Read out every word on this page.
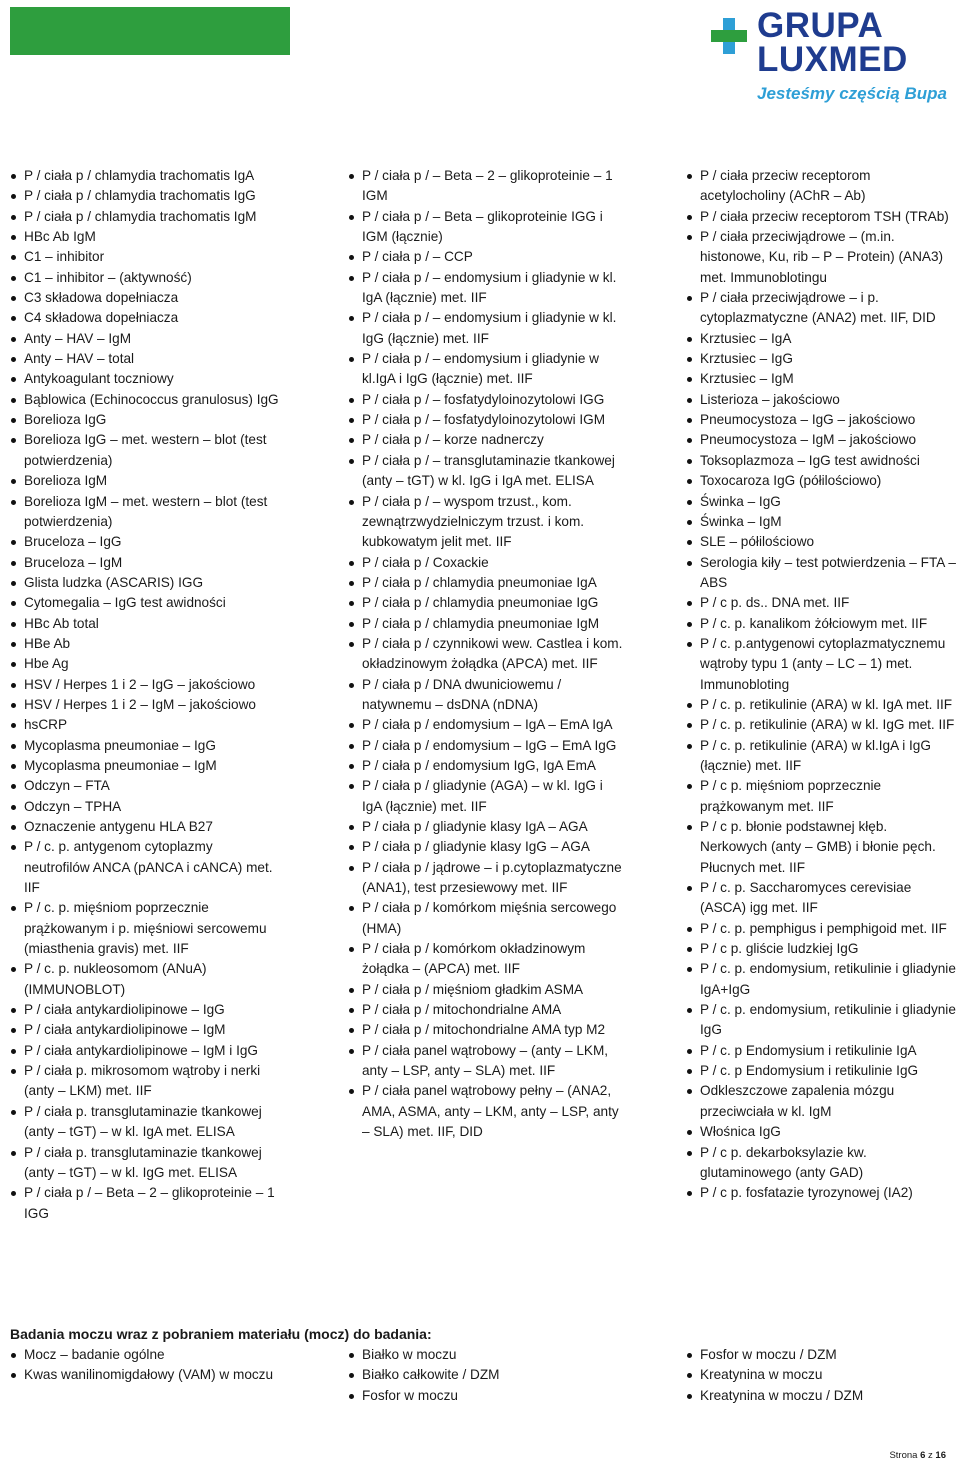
GRUPA
LUXMED
Jesteśmy częścią Bupa
P / ciała p / chlamydia trachomatis IgA
P / ciała p / chlamydia trachomatis IgG
P / ciała p / chlamydia trachomatis IgM
HBc Ab IgM
C1 – inhibitor
C1 – inhibitor – (aktywność)
C3 składowa dopełniacza
C4 składowa dopełniacza
Anty – HAV – IgM
Anty – HAV – total
Antykoagulant toczniowy
Bąblowica (Echinococcus granulosus) IgG
Borelioza IgG
Borelioza IgG – met. western – blot (test potwierdzenia)
Borelioza IgM
Borelioza IgM – met. western – blot (test potwierdzenia)
Bruceloza – IgG
Bruceloza – IgM
Glista ludzka (ASCARIS) IGG
Cytomegalia – IgG test awidności
HBc Ab total
HBe Ab
Hbe Ag
HSV / Herpes 1 i 2 – IgG – jakościowo
HSV / Herpes 1 i 2 – IgM – jakościowo
hsCRP
Mycoplasma pneumoniae – IgG
Mycoplasma pneumoniae – IgM
Odczyn – FTA
Odczyn – TPHA
Oznaczenie antygenu HLA B27
P / c. p. antygenom cytoplazmy neutrofilów ANCA (pANCA i cANCA) met. IIF
P / c. p. mięśniom poprzecznie prążkowanym i p. mięśniowi sercowemu (miasthenia gravis) met. IIF
P / c. p. nukleosomom (ANuA) (IMMUNOBLOT)
P / ciała antykardiolipinowe – IgG
P / ciała antykardiolipinowe – IgM
P / ciała antykardiolipinowe – IgM i IgG
P / ciała p. mikrosomom wątroby i nerki (anty – LKM) met. IIF
P / ciała p. transglutaminazie tkankowej (anty – tGT) – w kl. IgA met. ELISA
P / ciała p. transglutaminazie tkankowej (anty – tGT) – w kl. IgG met. ELISA
P / ciała p / – Beta – 2 – glikoproteinie – 1 IGG
P / ciała p / – Beta – 2 – glikoproteinie – 1 IGM
P / ciała p / – Beta – glikoproteinie IGG i IGM (łącznie)
P / ciała p / – CCP
P / ciała p / – endomysium i gliadynie w kl. IgA (łącznie) met. IIF
P / ciała p / – endomysium i gliadynie w kl. IgG (łącznie) met. IIF
P / ciała p / – endomysium i gliadynie w kl.IgA i IgG (łącznie) met. IIF
P / ciała p / – fosfatydyloinozytolowi IGG
P / ciała p / – fosfatydyloinozytolowi IGM
P / ciała p / – korze nadnerczy
P / ciała p / – transglutaminazie tkankowej (anty – tGT) w kl. IgG i IgA met. ELISA
P / ciała p / – wyspom trzust., kom. zewnątrzwydzielniczym trzust. i kom. kubkowatym jelit met. IIF
P / ciała p / Coxackie
P / ciała p / chlamydia pneumoniae IgA
P / ciała p / chlamydia pneumoniae IgG
P / ciała p / chlamydia pneumoniae IgM
P / ciała p / czynnikowi wew. Castlea i kom. okładzinowym żołądka (APCA) met. IIF
P / ciała p / DNA dwuniciowemu / natywnemu – dsDNA (nDNA)
P / ciała p / endomysium – IgA – EmA IgA
P / ciała p / endomysium – IgG – EmA IgG
P / ciała p / endomysium IgG, IgA EmA
P / ciała p / gliadynie (AGA) – w kl. IgG i IgA (łącznie) met. IIF
P / ciała p / gliadynie klasy IgA – AGA
P / ciała p / gliadynie klasy IgG – AGA
P / ciała p / jądrowe – i p.cytoplazmatyczne (ANA1), test przesiewowy met. IIF
P / ciała p / komórkom mięśnia sercowego (HMA)
P / ciała p / komórkom okładzinowym żołądka – (APCA) met. IIF
P / ciała p / mięśniom gładkim ASMA
P / ciała p / mitochondrialne AMA
P / ciała p / mitochondrialne AMA typ M2
P / ciała panel wątrobowy – (anty – LKM, anty – LSP, anty – SLA) met. IIF
P / ciała panel wątrobowy pełny – (ANA2, AMA, ASMA, anty – LKM, anty – LSP, anty – SLA) met. IIF, DID
P / ciała przeciw receptorom acetylocholiny (AChR – Ab)
P / ciała przeciw receptorom TSH (TRAb)
P / ciała przeciwjądrowe – (m.in. histonowe, Ku, rib – P – Protein) (ANA3) met. Immunoblotingu
P / ciała przeciwjądrowe – i p. cytoplazmatyczne (ANA2) met. IIF, DID
Krztusiec – IgA
Krztusiec – IgG
Krztusiec – IgM
Listerioza – jakościowo
Pneumocystoza – IgG – jakościowo
Pneumocystoza – IgM – jakościowo
Toksoplazmoza – IgG test awidności
Toxocaroza IgG (półilościowo)
Świnka – IgG
Świnka – IgM
SLE – półilościowo
Serologia kiły – test potwierdzenia – FTA – ABS
P / c p. ds.. DNA met. IIF
P / c. p. kanalikom żółciowym met. IIF
P / c. p.antygenowi cytoplazmatycznemu wątroby typu 1 (anty – LC – 1) met. Immunobloting
P / c. p. retikulinie (ARA) w kl. IgA met. IIF
P / c. p. retikulinie (ARA) w kl. IgG met. IIF
P / c. p. retikulinie (ARA) w kl.IgA i IgG (łącznie) met. IIF
P / c p. mięśniom poprzecznie prążkowanym met. IIF
P / c p. błonie podstawnej kłęb. Nerkowych (anty – GMB) i błonie pęch. Płucnych met. IIF
P / c. p. Saccharomyces cerevisiae (ASCA) igg met. IIF
P / c. p. pemphigus i pemphigoid met. IIF
P / c p. gliście ludzkiej IgG
P / c. p. endomysium, retikulinie i gliadynie IgA+IgG
P / c. p. endomysium, retikulinie i gliadynie IgG
P / c. p Endomysium i retikulinie IgA
P / c. p Endomysium i retikulinie IgG
Odkleszczowe zapalenia mózgu przeciwciała w kl. IgM
Włośnica IgG
P / c p. dekarboksylazie kw. glutaminowego (anty GAD)
P / c p. fosfatazie tyrozynowej (IA2)
Badania moczu wraz z pobraniem materiału (mocz) do badania:
Mocz – badanie ogólne
Kwas wanilinomigdałowy (VAM) w moczu
Białko w moczu
Białko całkowite / DZM
Fosfor w moczu
Fosfor w moczu / DZM
Kreatynina w moczu
Kreatynina w moczu / DZM
Strona 6 z 16
